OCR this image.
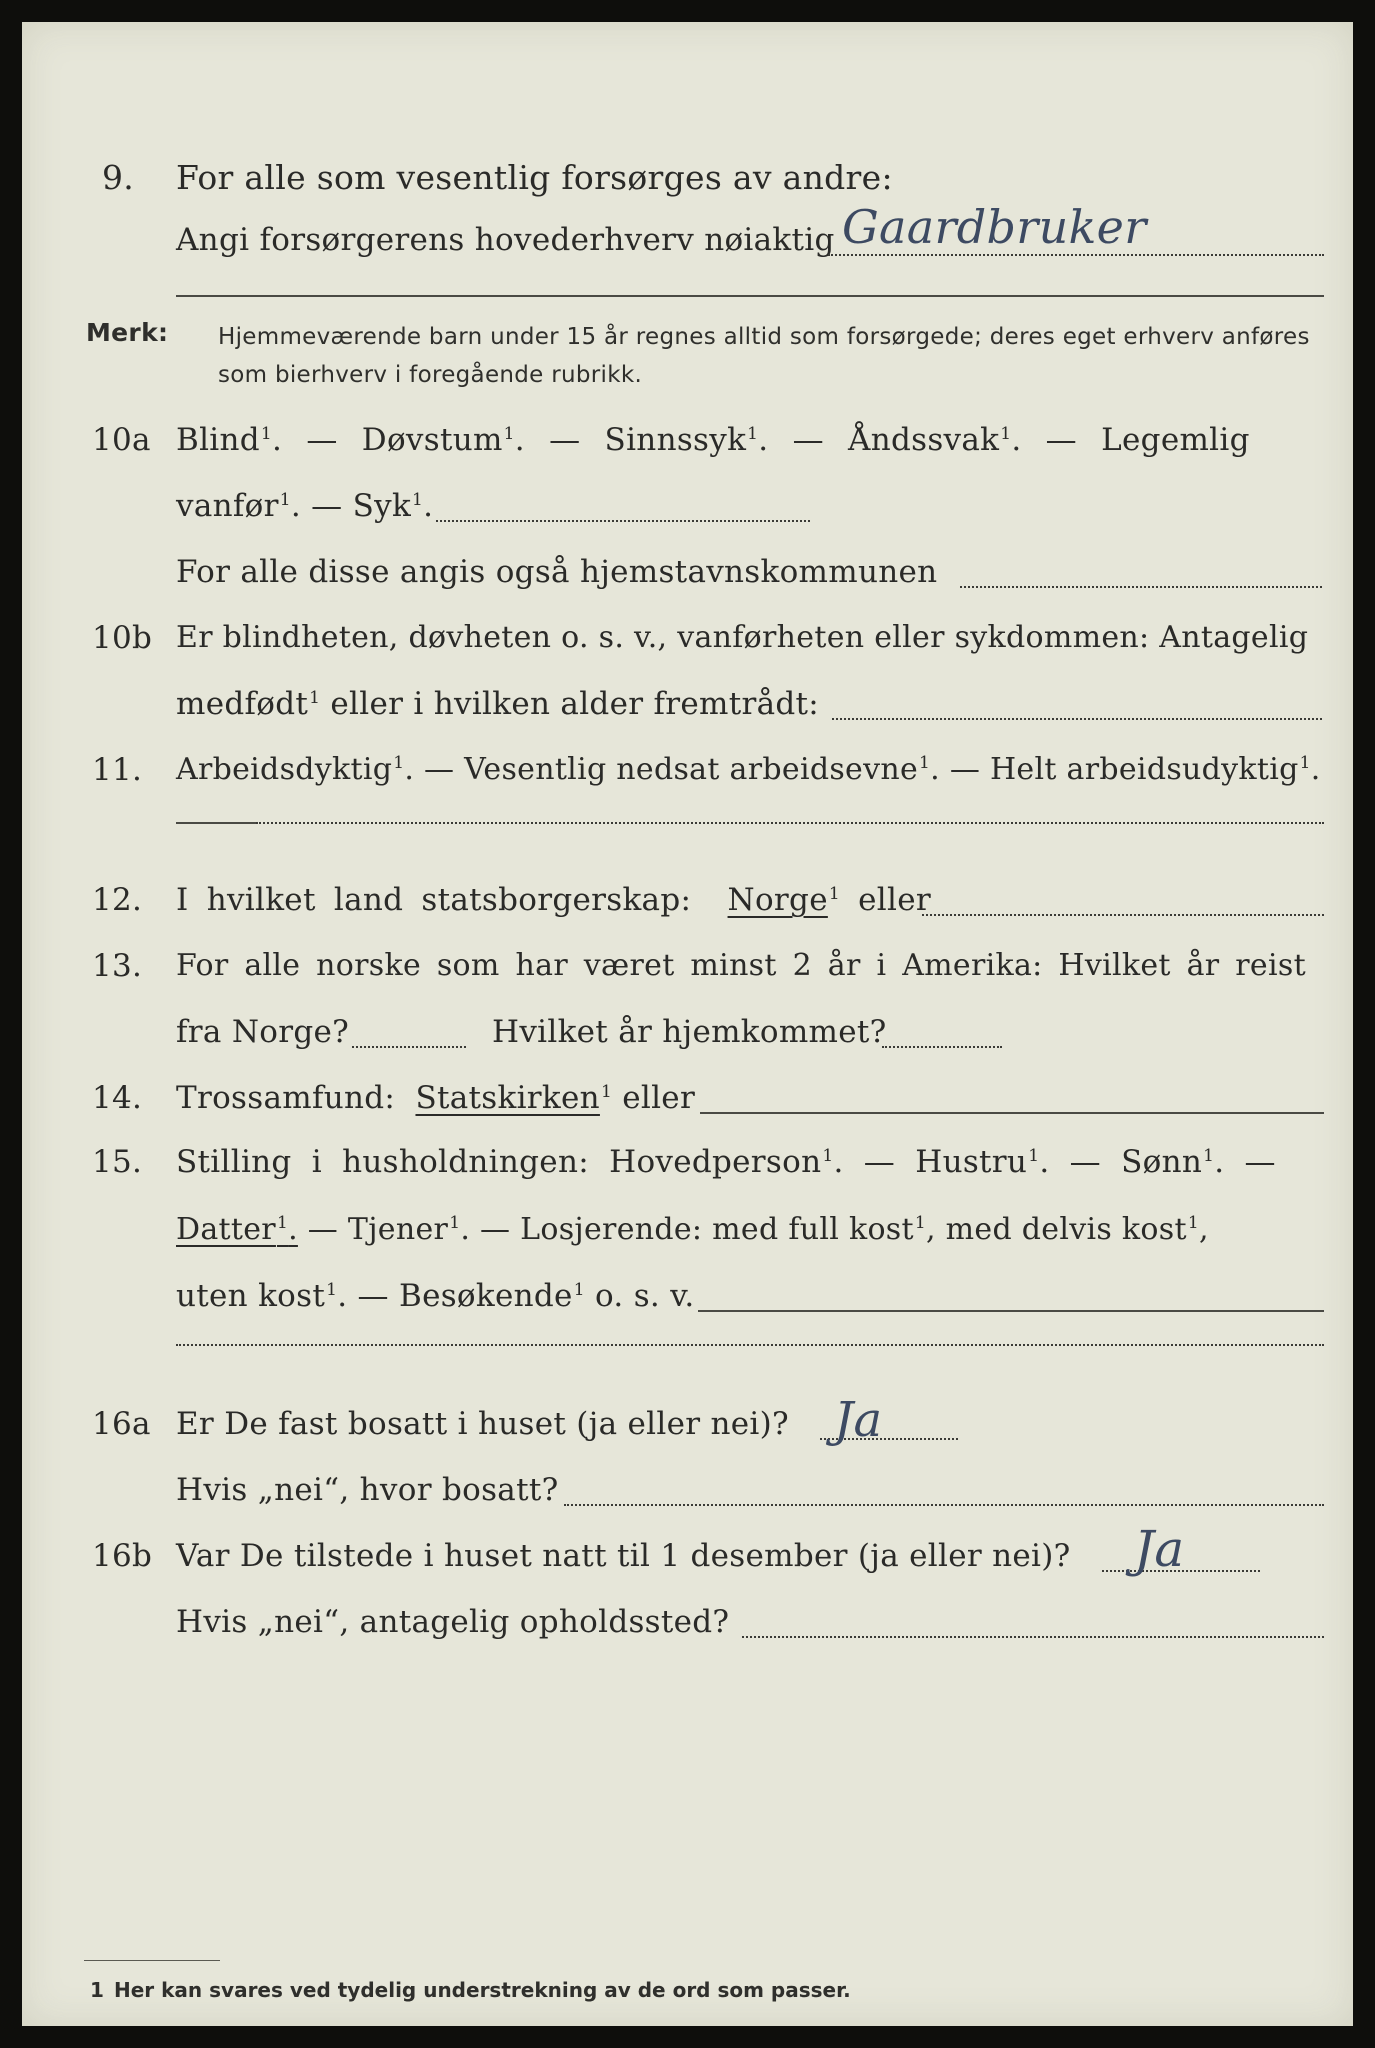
9. For alle som vesentlig forsørges av andre:
Angi forsørgerens hovederhverv nøiaktig Gaardbruker
Merk: Hjemmeværende barn under 15 år regnes alltid som forsørgede; deres eget erhverv anføres som bierhverv i foregående rubrikk.
10a Blind$^1$. — Døvstum$^1$. — Sinnssyk$^1$. — Åndssvak$^1$. — Legemlig
vanfør$^1$. — Syk$^1$.
For alle disse angis også hjemstavnskommunen
10b Er blindheten, døvheten o. s. v., vanførheten eller sykdommen: Antagelig
medfødt$^1$ eller i hvilken alder fremtrådt:
11. Arbeidsdyktig$^1$. — Vesentlig nedsat arbeidsevne$^1$. — Helt arbeidsudyktig$^1$.
12. I hvilket land statsborgerskap: Norge$^1$ eller
13. For alle norske som har været minst 2 år i Amerika: Hvilket år reist
fra Norge?	Hvilket år hjemkommet?
14. Trossamfund: Statskirken$^1$ eller
15. Stilling i husholdningen: Hovedperson$^1$. — Hustru$^1$. — Sønn$^1$. —
Datter$^1$. — Tjener$^1$. — Losjerende: med full kost$^1$, med delvis kost$^1$,
uten kost$^1$. — Besøkende$^1$ o. s. v.
16a Er De fast bosatt i huset (ja eller nei)? Ja
Hvis „nei“, hvor bosatt?
16b Var De tilstede i huset natt til 1 desember (ja eller nei)? Ja
Hvis „nei“, antagelig opholdssted?
1 Her kan svares ved tydelig understrekning av de ord som passer.
